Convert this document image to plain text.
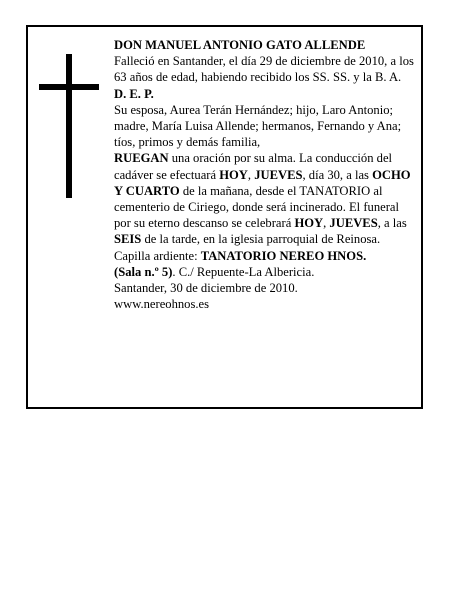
DON MANUEL ANTONIO GATO ALLENDE

Falleció en Santander, el día 29 de diciembre de 2010, a los 63 años de edad, habiendo recibido los SS. SS. y la B. A.

D. E. P.

Su esposa, Aurea Terán Hernández; hijo, Laro Antonio; madre, María Luisa Allende; hermanos, Fernando y Ana; tíos, primos y demás familia,

RUEGAN una oración por su alma. La conducción del cadáver se efectuará HOY, JUEVES, día 30, a las OCHO Y CUARTO de la mañana, desde el TANATORIO al cementerio de Ciriego, donde será incinerado. El funeral por su eterno descanso se celebrará HOY, JUEVES, a las SEIS de la tarde, en la iglesia parroquial de Reinosa.

Capilla ardiente: TANATORIO NEREO HNOS.
(Sala n.º 5). C./ Repuente-La Albericia.

Santander, 30 de diciembre de 2010.

www.nereohnos.es
